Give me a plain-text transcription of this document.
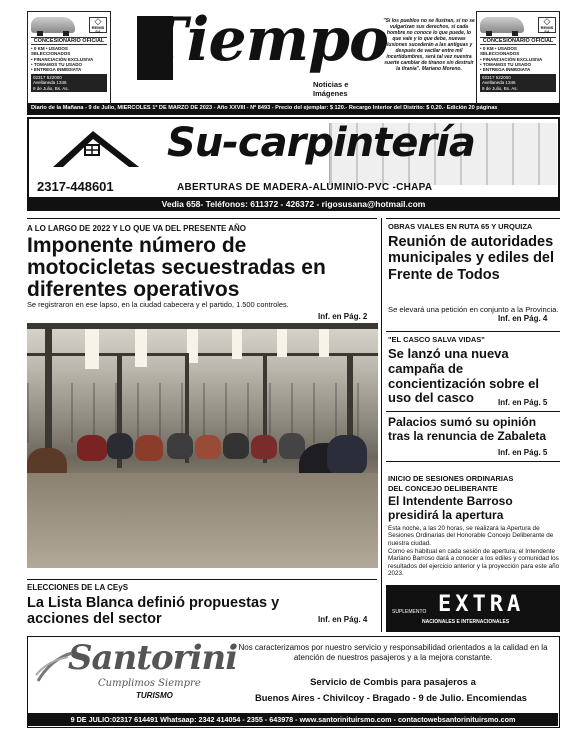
◇
REIMS SA
CONCESIONARIO OFICIAL
• 0 KM • USADOS SELECCIONADOS
• FINANCIACIÓN EXCLUSIVA
• TOMAMOS TU USADO
• ENTREGA INMEDIATA
02317 522000
Avellaneda 1346
9 de Julio, Bs. As.
Tiempo
Noticias e Imágenes
"Si los pueblos no se ilustran, si no se vulgarizan sus derechos, si cada hombre no conoce lo que puede, lo que vale y lo que debe, nuevas ilusiones sucederán a las antiguas y después de vacilar entre mil incertidumbres, será tal vez nuestra suerte cambiar de tiranos sin destruir la tiranía". Mariano Moreno.
◇
REIMS SA
CONCESIONARIO OFICIAL
• 0 KM • USADOS SELECCIONADOS
• FINANCIACIÓN EXCLUSIVA
• TOMAMOS TU USADO
• ENTREGA INMEDIATA
02317 522000
Avellaneda 1346
9 de Julio, Bs. As.
Diario de la Mañana - 9 de Julio, MIERCOLES 1º DE MARZO DE 2023 - Año XXVIII - Nº 8493 - Precio del ejemplar: $ 120.- Recargo Interior del Distrito: $ 0,20.- Edición 20 páginas
Su-carpintería
2317-448601	ABERTURAS DE MADERA-ALUMINIO-PVC -CHAPA
Vedia 658- Teléfonos: 611372 - 426372 - rigosusana@hotmail.com
A LO LARGO DE 2022 Y LO QUE VA DEL PRESENTE AÑO
Imponente número de motocicletas secuestradas en diferentes operativos
Se registraron en ese lapso, en la ciudad cabecera y el partido, 1.500 controles.
Inf. en Pág. 2
ELECCIONES DE LA CEyS
La Lista Blanca definió propuestas y acciones del sector	Inf. en Pág. 4
OBRAS VIALES EN RUTA 65 Y URQUIZA
Reunión de autoridades municipales y ediles del Frente de Todos
Se elevará una petición en conjunto a la Provincia.
Inf. en Pág. 4
"EL CASCO SALVA VIDAS"
Se lanzó una nueva campaña de concientización sobre el uso del casco	Inf. en Pág. 5
Palacios sumó su opinión tras la renuncia de Zabaleta
Inf. en Pág. 5
INICIO DE SESIONES ORDINARIAS
DEL CONCEJO DELIBERANTE
El Intendente Barroso presidirá la apertura
Esta noche, a las 20 horas, se realizará la Apertura de Sesiones Ordinarias del Honorable Concejo Deliberante de nuestra ciudad.
Como es habitual en cada sesión de apertura, el Intendente Mariano Barroso dará a conocer a los ediles y comunidad los resultados del ejercicio anterior y la proyección para este año 2023.
SUPLEMENTO EXTRA
NACIONALES E INTERNACIONALES
Santorini
Cumplimos Siempre
TURISMO
Nos caracterizamos por nuestro servicio y responsabilidad orientados a la calidad en la atención de nuestros pasajeros y a la mejora constante.
Servicio de Combis para pasajeros a
Buenos Aires - Chivilcoy - Bragado - 9 de Julio. Encomiendas
9 DE JULIO:02317 614491 Whatsaap: 2342 414054 - 2355 - 643978 - www.santorinituirsmo.com - contactowebsantorinituirsmo.com
